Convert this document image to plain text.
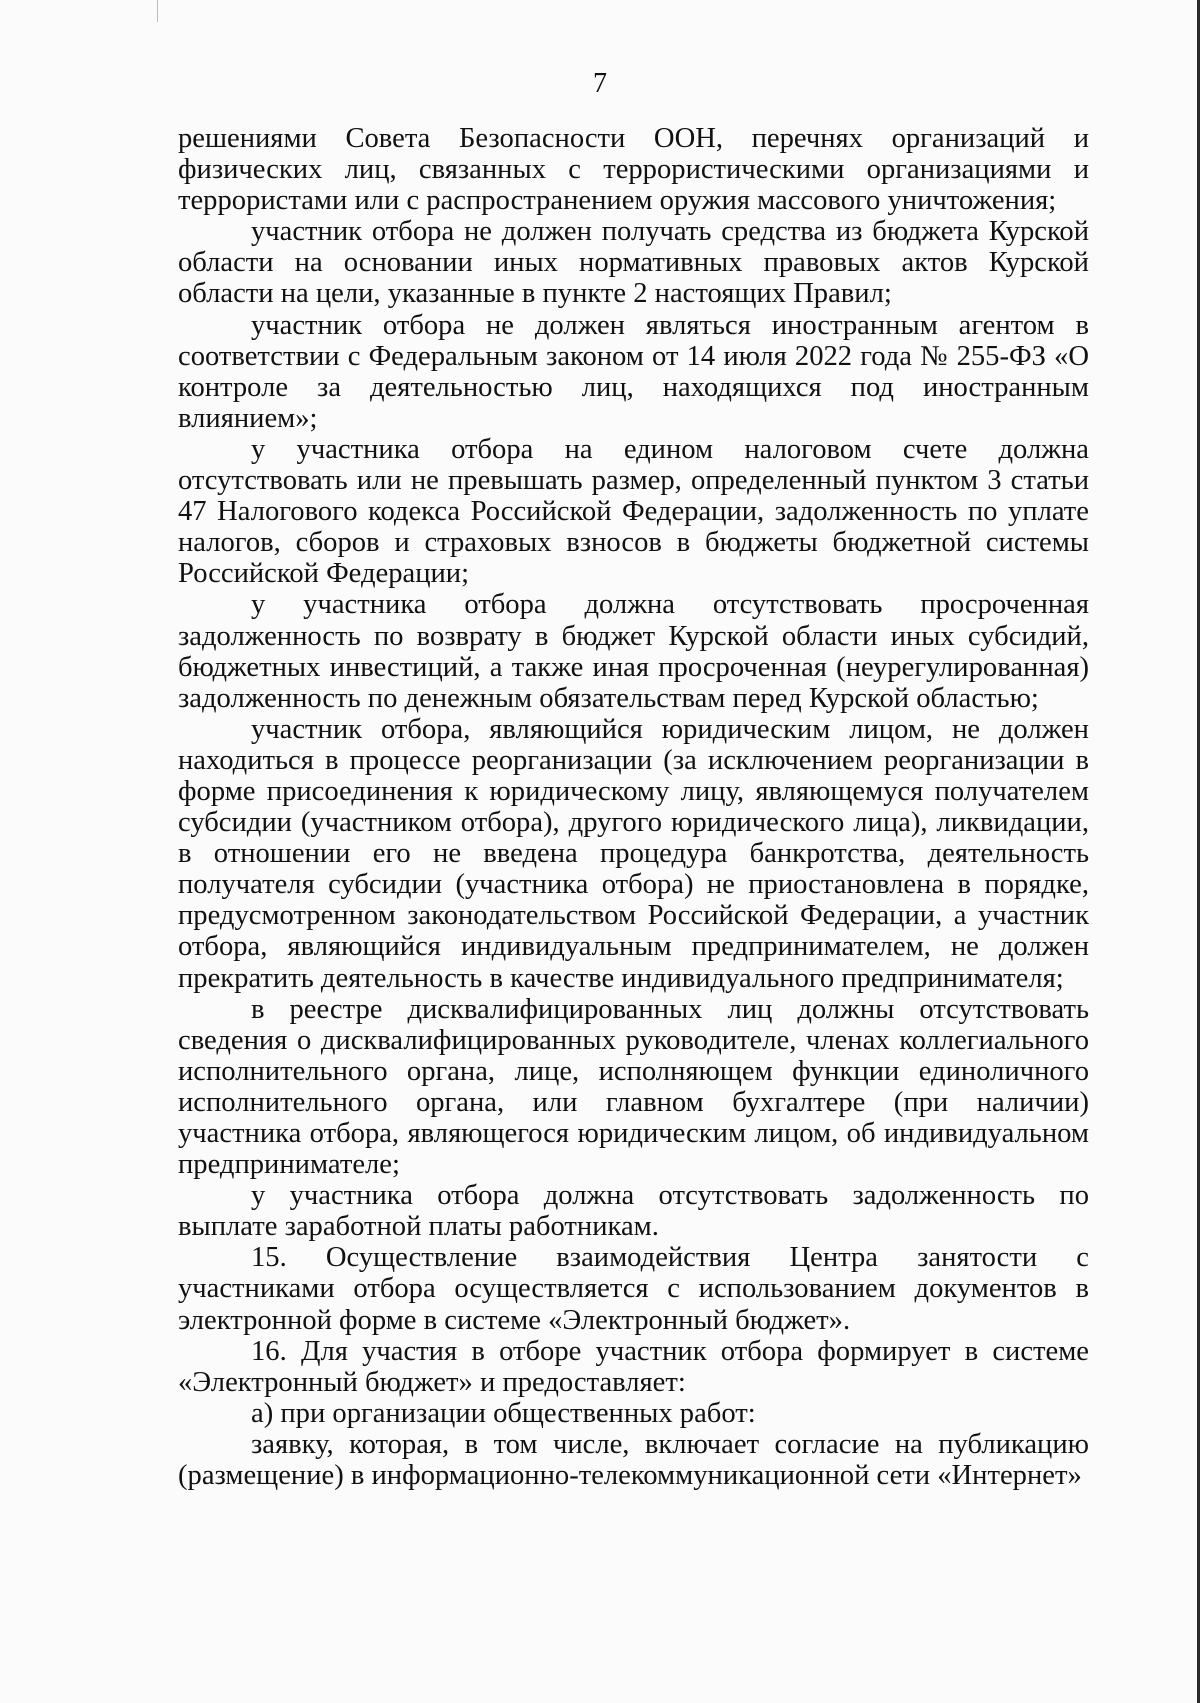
7

решениями Совета Безопасности ООН, перечнях организаций и физических лиц, связанных с террористическими организациями и террористами или с распространением оружия массового уничтожения;

участник отбора не должен получать средства из бюджета Курской области на основании иных нормативных правовых актов Курской области на цели, указанные в пункте 2 настоящих Правил;

участник отбора не должен являться иностранным агентом в соответствии с Федеральным законом от 14 июля 2022 года № 255-ФЗ «О контроле за деятельностью лиц, находящихся под иностранным влиянием»;

у участника отбора на едином налоговом счете должна отсутствовать или не превышать размер, определенный пунктом 3 статьи 47 Налогового кодекса Российской Федерации, задолженность по уплате налогов, сборов и страховых взносов в бюджеты бюджетной системы Российской Федерации;

у участника отбора должна отсутствовать просроченная задолженность по возврату в бюджет Курской области иных субсидий, бюджетных инвестиций, а также иная просроченная (неурегулированная) задолженность по денежным обязательствам перед Курской областью;

участник отбора, являющийся юридическим лицом, не должен находиться в процессе реорганизации (за исключением реорганизации в форме присоединения к юридическому лицу, являющемуся получателем субсидии (участником отбора), другого юридического лица), ликвидации, в отношении его не введена процедура банкротства, деятельность получателя субсидии (участника отбора) не приостановлена в порядке, предусмотренном законодательством Российской Федерации, а участник отбора, являющийся индивидуальным предпринимателем, не должен прекратить деятельность в качестве индивидуального предпринимателя;

в реестре дисквалифицированных лиц должны отсутствовать сведения о дисквалифицированных руководителе, членах коллегиального исполнительного органа, лице, исполняющем функции единоличного исполнительного органа, или главном бухгалтере (при наличии) участника отбора, являющегося юридическим лицом, об индивидуальном предпринимателе;

у участника отбора должна отсутствовать задолженность по выплате заработной платы работникам.

15. Осуществление взаимодействия Центра занятости с участниками отбора осуществляется с использованием документов в электронной форме в системе «Электронный бюджет».

16. Для участия в отборе участник отбора формирует в системе «Электронный бюджет» и предоставляет:

а) при организации общественных работ:

заявку, которая, в том числе, включает согласие на публикацию (размещение) в информационно-телекоммуникационной сети «Интернет»
